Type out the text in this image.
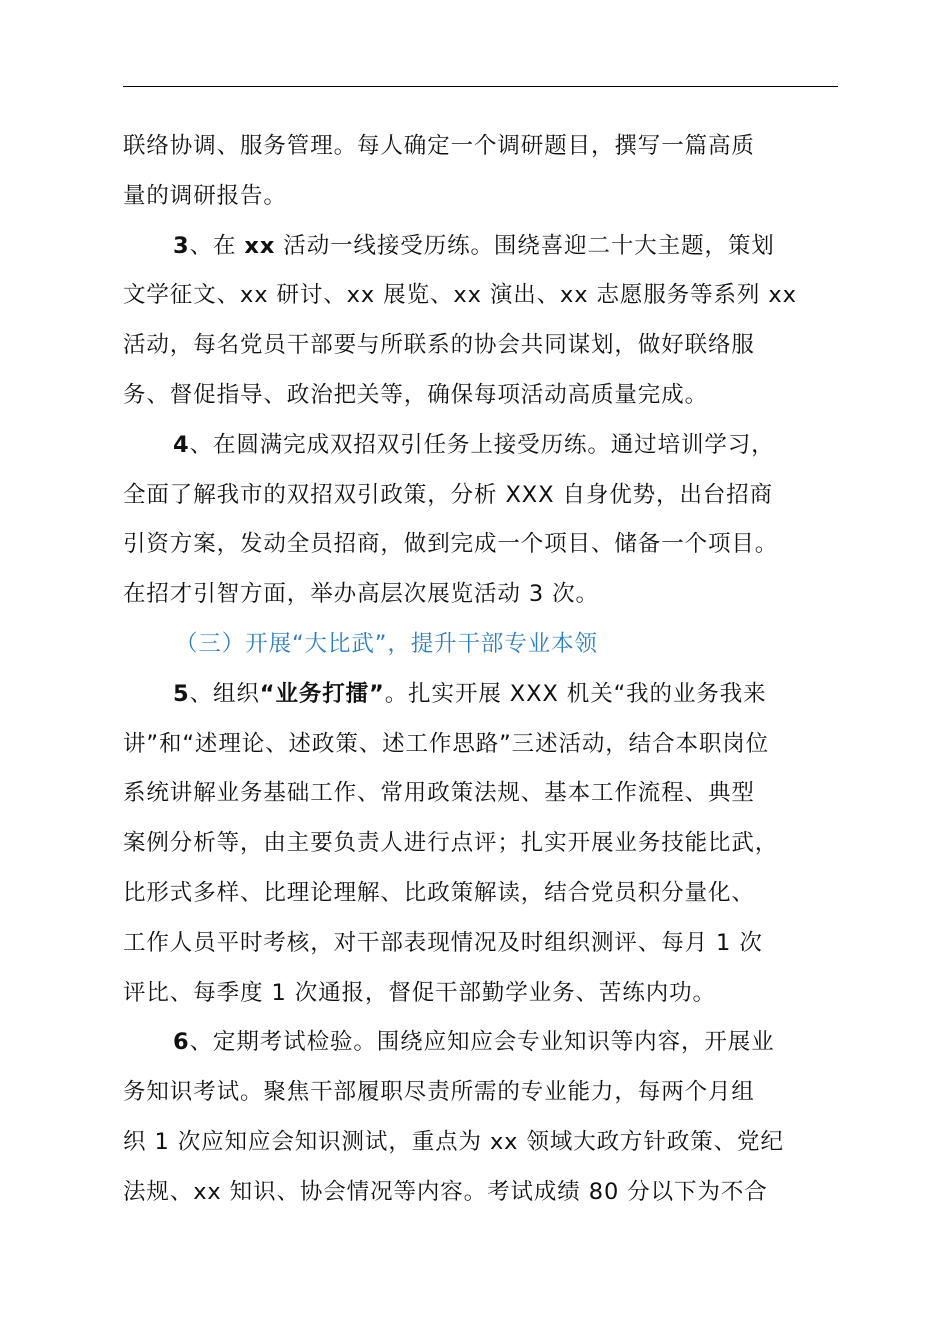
联络协调、服务管理。每人确定一个调研题目，撰写一篇高质
量的调研报告。

3、在 xx 活动一线接受历练。围绕喜迎二十大主题，策划
文学征文、xx 研讨、xx 展览、xx 演出、xx 志愿服务等系列 xx
活动，每名党员干部要与所联系的协会共同谋划，做好联络服
务、督促指导、政治把关等，确保每项活动高质量完成。

4、在圆满完成双招双引任务上接受历练。通过培训学习，
全面了解我市的双招双引政策，分析 XXX 自身优势，出台招商
引资方案，发动全员招商，做到完成一个项目、储备一个项目。
在招才引智方面，举办高层次展览活动 3 次。

（三）开展“大比武”，提升干部专业本领

5、组织“业务打擂”。扎实开展 XXX 机关“我的业务我来
讲”和“述理论、述政策、述工作思路”三述活动，结合本职岗位
系统讲解业务基础工作、常用政策法规、基本工作流程、典型
案例分析等，由主要负责人进行点评；扎实开展业务技能比武，
比形式多样、比理论理解、比政策解读，结合党员积分量化、
工作人员平时考核，对干部表现情况及时组织测评、每月 1 次
评比、每季度 1 次通报，督促干部勤学业务、苦练内功。

6、定期考试检验。围绕应知应会专业知识等内容，开展业
务知识考试。聚焦干部履职尽责所需的专业能力，每两个月组
织 1 次应知应会知识测试，重点为 xx 领域大政方针政策、党纪
法规、xx 知识、协会情况等内容。考试成绩 80 分以下为不合
